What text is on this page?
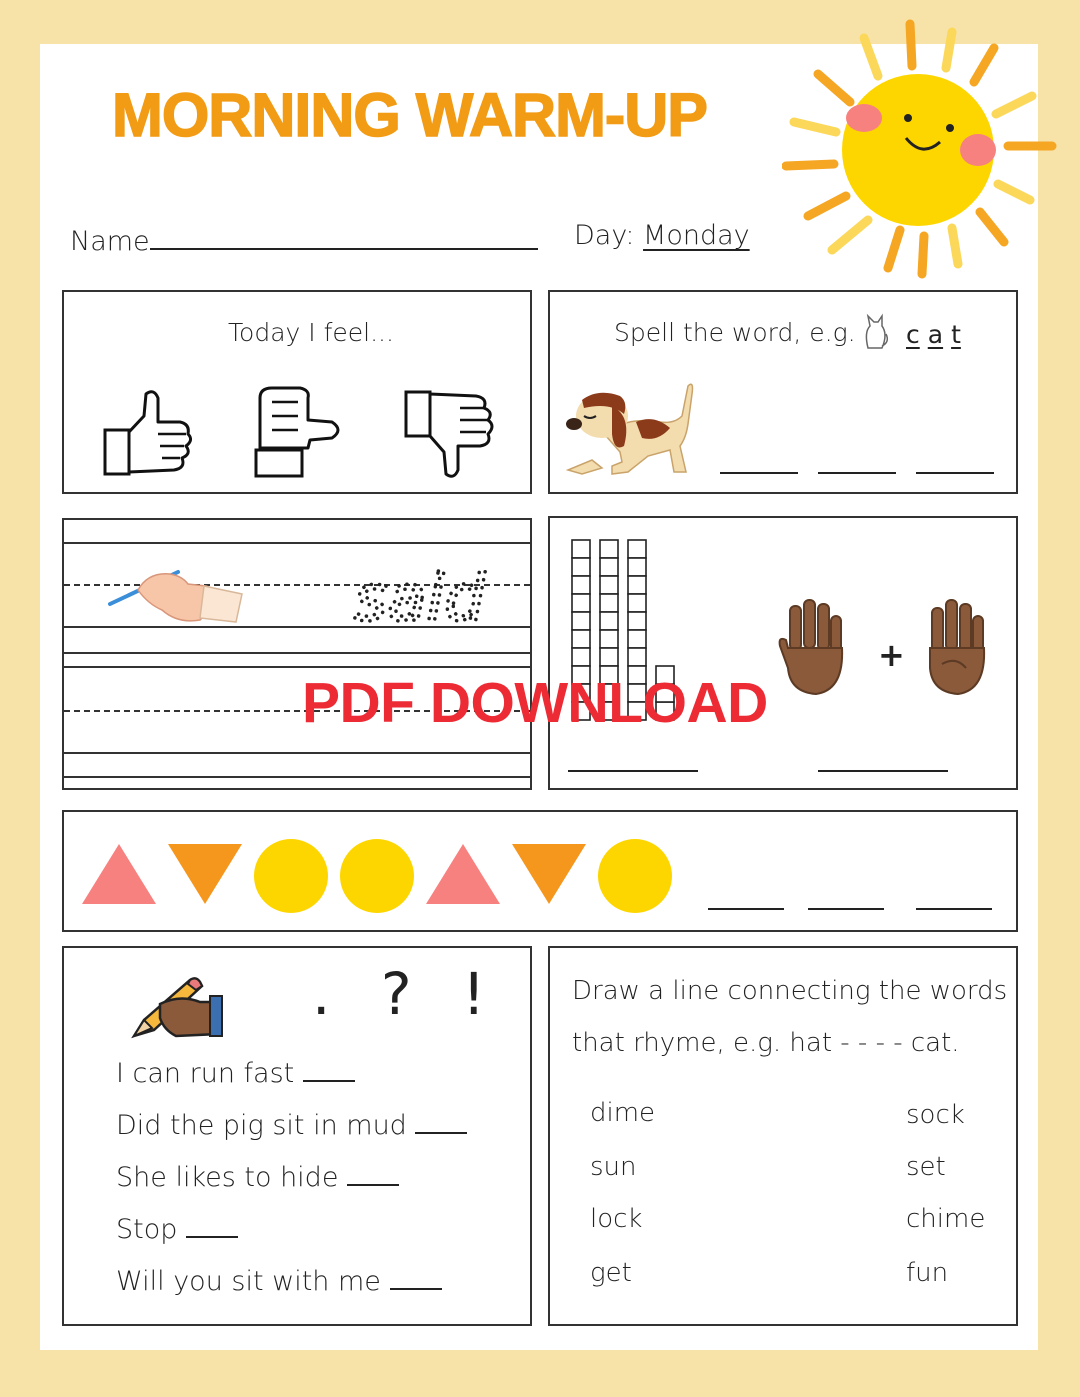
MORNING WARM-UP
Name	Day: Monday
Today I feel...	Spell the word, e.g. c a t
said
+
. ? !
I can run fast
Did the pig sit in mud
She likes to hide
Stop
Will you sit with me
Draw a line connecting the words
that rhyme, e.g. hat - - - - cat.
dime
sun
lock
get
sock
set
chime
fun
PDF DOWNLOAD
